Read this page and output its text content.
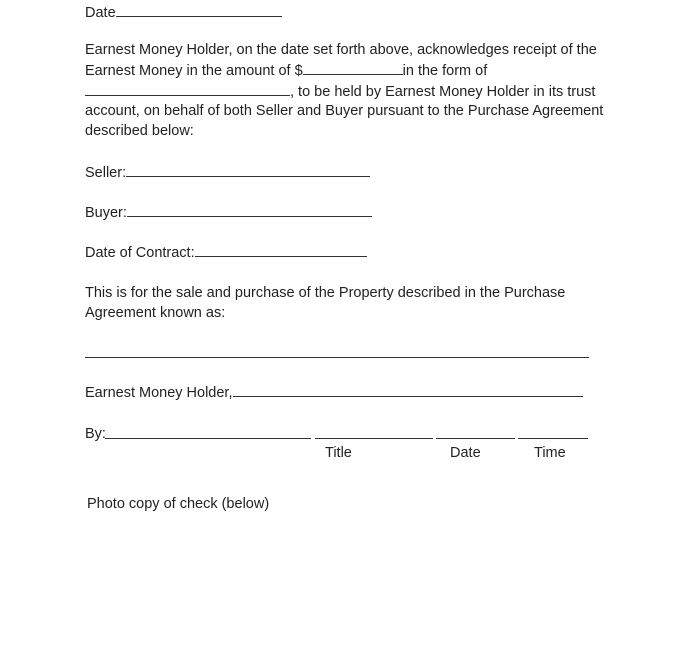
Date
Earnest Money Holder, on the date set forth above, acknowledges receipt of the
Earnest Money in the amount of $	in the form of
, to be held by Earnest Money Holder in its trust
account, on behalf of both Seller and Buyer pursuant to the Purchase Agreement
described below:
Seller:
Buyer:
Date of Contract:
This is for the sale and purchase of the Property described in the Purchase
Agreement known as:
Earnest Money Holder,
By:
Title	Date	Time
Photo copy of check (below)
